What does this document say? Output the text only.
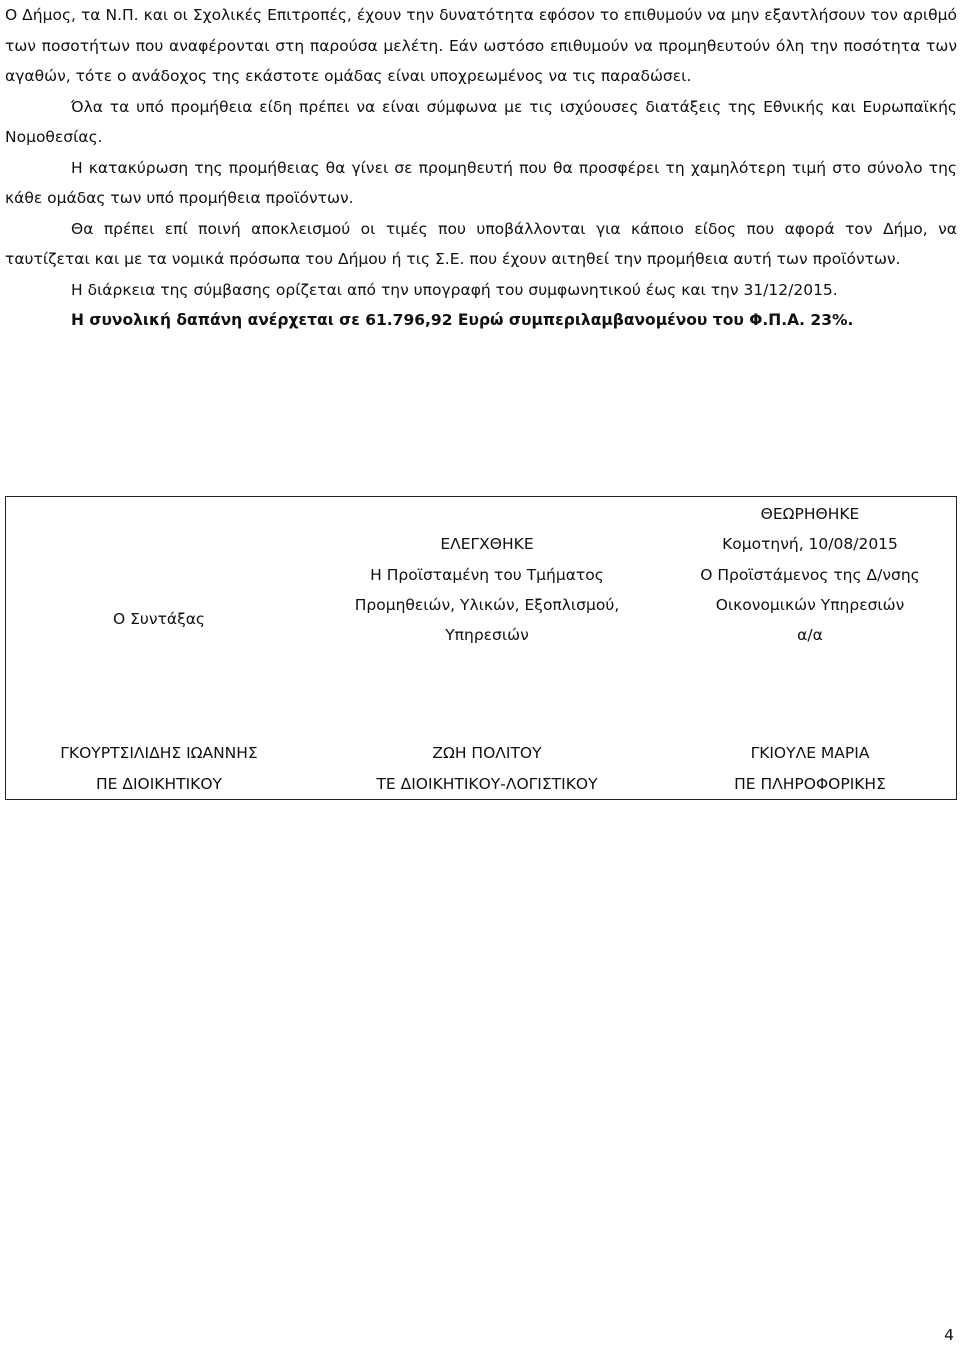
Ο Δήμος, τα Ν.Π. και οι Σχολικές Επιτροπές, έχουν την δυνατότητα εφόσον το επιθυμούν να μην εξαντλήσουν τον αριθμό των ποσοτήτων που αναφέρονται στη παρούσα μελέτη. Εάν ωστόσο επιθυμούν να προμηθευτούν όλη την ποσότητα των αγαθών, τότε ο ανάδοχος της εκάστοτε ομάδας είναι υποχρεωμένος να τις παραδώσει.

Όλα τα υπό προμήθεια είδη πρέπει να είναι σύμφωνα με τις ισχύουσες διατάξεις της Εθνικής και Ευρωπαϊκής Νομοθεσίας.

Η κατακύρωση της προμήθειας θα γίνει σε προμηθευτή που θα προσφέρει τη χαμηλότερη τιμή στο σύνολο της κάθε ομάδας των υπό προμήθεια προϊόντων.

Θα πρέπει επί ποινή αποκλεισμού οι τιμές που υποβάλλονται για κάποιο είδος που αφορά τον Δήμο, να ταυτίζεται και με τα νομικά πρόσωπα του Δήμου ή τις Σ.Ε. που έχουν αιτηθεί την προμήθεια αυτή των προϊόντων.

Η διάρκεια της σύμβασης ορίζεται από την υπογραφή του συμφωνητικού έως και την 31/12/2015.

Η συνολική δαπάνη ανέρχεται σε 61.796,92 Ευρώ συμπεριλαμβανομένου του Φ.Π.Α. 23%.

Ο Συντάξας
ΓΚΟΥΡΤΣΙΛΙΔΗΣ ΙΩΑΝΝΗΣ
ΠΕ ΔΙΟΙΚΗΤΙΚΟΥ
ΕΛΕΓΧΘΗΚΕ
Η Προϊσταμένη του Τμήματος
Προμηθειών, Υλικών, Εξοπλισμού,
Υπηρεσιών
ΖΩΗ ΠΟΛΙΤΟΥ
ΤΕ ΔΙΟΙΚΗΤΙΚΟΥ-ΛΟΓΙΣΤΙΚΟΥ
ΘΕΩΡΗΘΗΚΕ
Κομοτηνή, 10/08/2015
Ο Προϊστάμενος της Δ/νσης
Οικονομικών Υπηρεσιών
α/α
ΓΚΙΟΥΛΕ ΜΑΡΙΑ
ΠΕ ΠΛΗΡΟΦΟΡΙΚΗΣ
4
